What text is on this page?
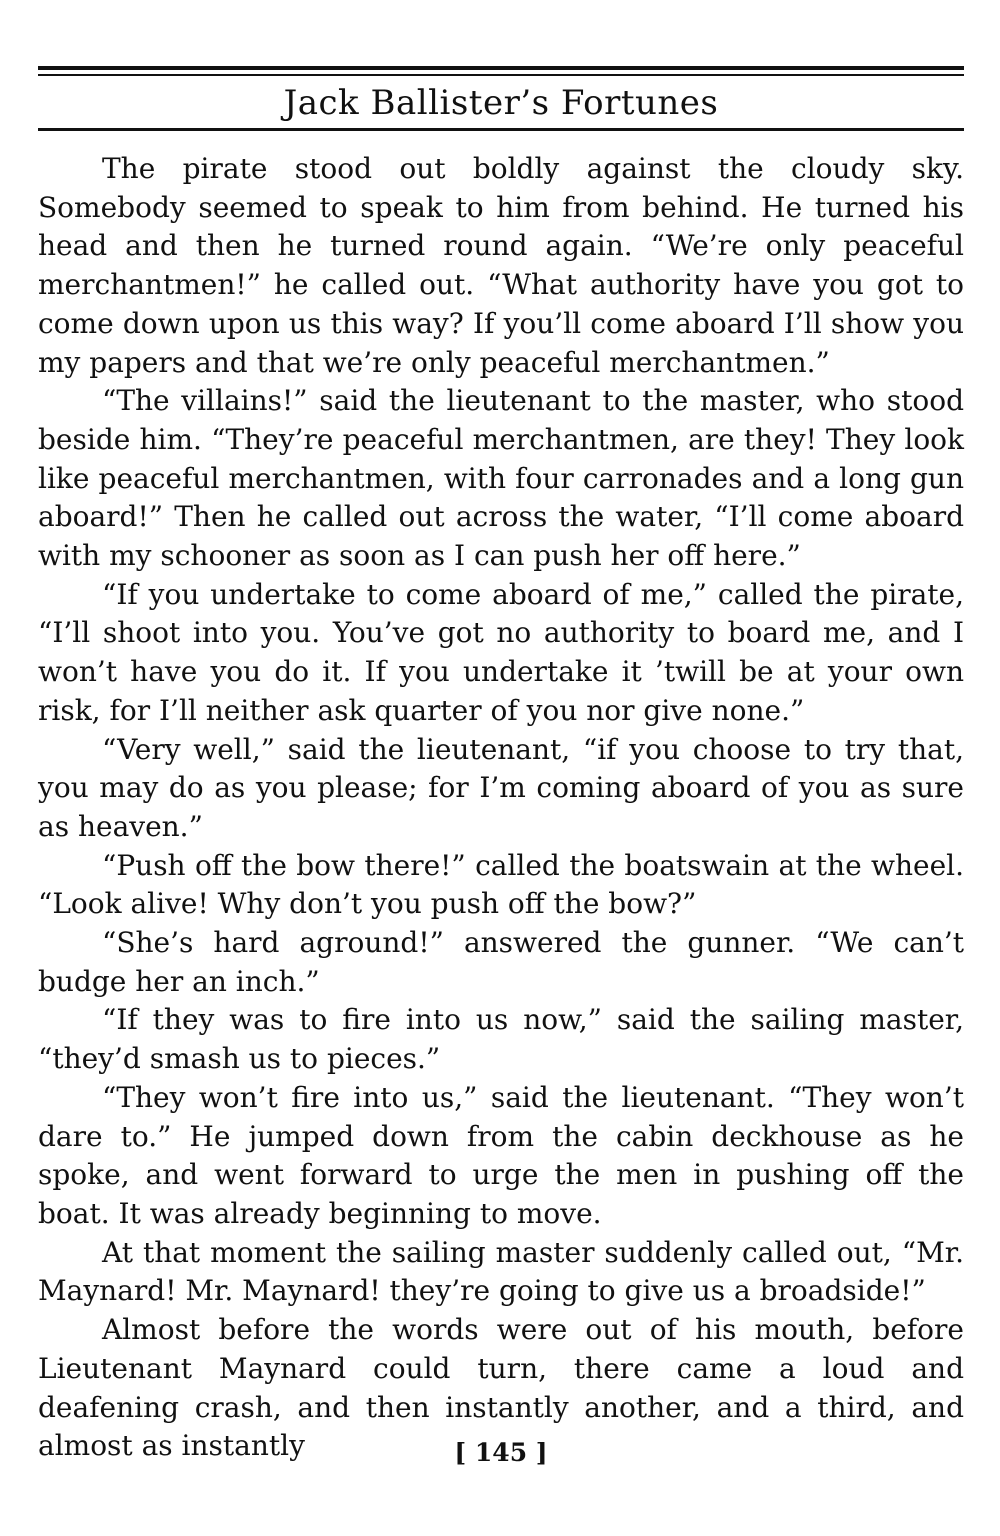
Jack Ballister’s Fortunes

The pirate stood out boldly against the cloudy sky. Somebody seemed to speak to him from behind. He turned his head and then he turned round again. “We’re only peaceful merchantmen!” he called out. “What authority have you got to come down upon us this way? If you’ll come aboard I’ll show you my papers and that we’re only peaceful merchantmen.”

“The villains!” said the lieutenant to the master, who stood beside him. “They’re peaceful merchantmen, are they! They look like peaceful merchantmen, with four carronades and a long gun aboard!” Then he called out across the water, “I’ll come aboard with my schooner as soon as I can push her off here.”

“If you undertake to come aboard of me,” called the pirate, “I’ll shoot into you. You’ve got no authority to board me, and I won’t have you do it. If you undertake it ’twill be at your own risk, for I’ll neither ask quarter of you nor give none.”

“Very well,” said the lieutenant, “if you choose to try that, you may do as you please; for I’m coming aboard of you as sure as heaven.”

“Push off the bow there!” called the boatswain at the wheel. “Look alive! Why don’t you push off the bow?”

“She’s hard aground!” answered the gunner. “We can’t budge her an inch.”

“If they was to fire into us now,” said the sailing master, “they’d smash us to pieces.”

“They won’t fire into us,” said the lieutenant. “They won’t dare to.” He jumped down from the cabin deckhouse as he spoke, and went forward to urge the men in pushing off the boat. It was already beginning to move.

At that moment the sailing master suddenly called out, “Mr. Maynard! Mr. Maynard! they’re going to give us a broadside!”

Almost before the words were out of his mouth, before Lieutenant Maynard could turn, there came a loud and deafening crash, and then instantly another, and a third, and almost as instantly	[ 145 ]
